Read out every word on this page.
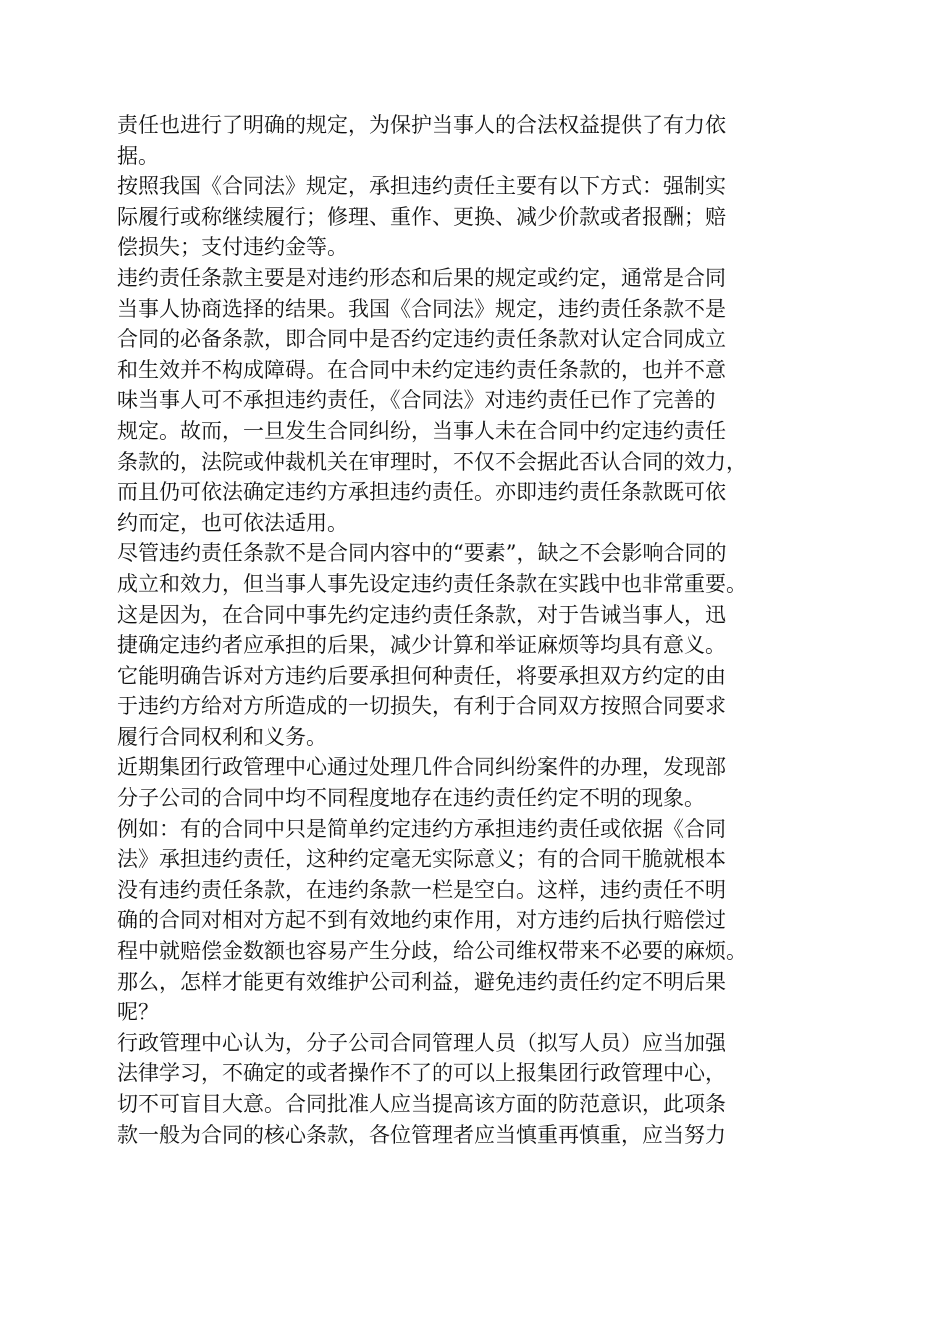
责任也进行了明确的规定，为保护当事人的合法权益提供了有力依
据。
按照我国《合同法》规定，承担违约责任主要有以下方式：强制实
际履行或称继续履行；修理、重作、更换、减少价款或者报酬；赔
偿损失；支付违约金等。
违约责任条款主要是对违约形态和后果的规定或约定，通常是合同
当事人协商选择的结果。我国《合同法》规定，违约责任条款不是
合同的必备条款，即合同中是否约定违约责任条款对认定合同成立
和生效并不构成障碍。在合同中未约定违约责任条款的，也并不意
味当事人可不承担违约责任，《合同法》对违约责任已作了完善的
规定。故而，一旦发生合同纠纷，当事人未在合同中约定违约责任
条款的，法院或仲裁机关在审理时，不仅不会据此否认合同的效力，
而且仍可依法确定违约方承担违约责任。亦即违约责任条款既可依
约而定，也可依法适用。
尽管违约责任条款不是合同内容中的“要素”，缺之不会影响合同的
成立和效力，但当事人事先设定违约责任条款在实践中也非常重要。
这是因为，在合同中事先约定违约责任条款，对于告诫当事人，迅
捷确定违约者应承担的后果，减少计算和举证麻烦等均具有意义。
它能明确告诉对方违约后要承担何种责任，将要承担双方约定的由
于违约方给对方所造成的一切损失，有利于合同双方按照合同要求
履行合同权利和义务。
近期集团行政管理中心通过处理几件合同纠纷案件的办理，发现部
分子公司的合同中均不同程度地存在违约责任约定不明的现象。
例如：有的合同中只是简单约定违约方承担违约责任或依据《合同
法》承担违约责任，这种约定毫无实际意义；有的合同干脆就根本
没有违约责任条款，在违约条款一栏是空白。这样，违约责任不明
确的合同对相对方起不到有效地约束作用，对方违约后执行赔偿过
程中就赔偿金数额也容易产生分歧，给公司维权带来不必要的麻烦。
那么，怎样才能更有效维护公司利益，避免违约责任约定不明后果
呢？
行政管理中心认为，分子公司合同管理人员（拟写人员）应当加强
法律学习，不确定的或者操作不了的可以上报集团行政管理中心，
切不可盲目大意。合同批准人应当提高该方面的防范意识，此项条
款一般为合同的核心条款，各位管理者应当慎重再慎重，应当努力
